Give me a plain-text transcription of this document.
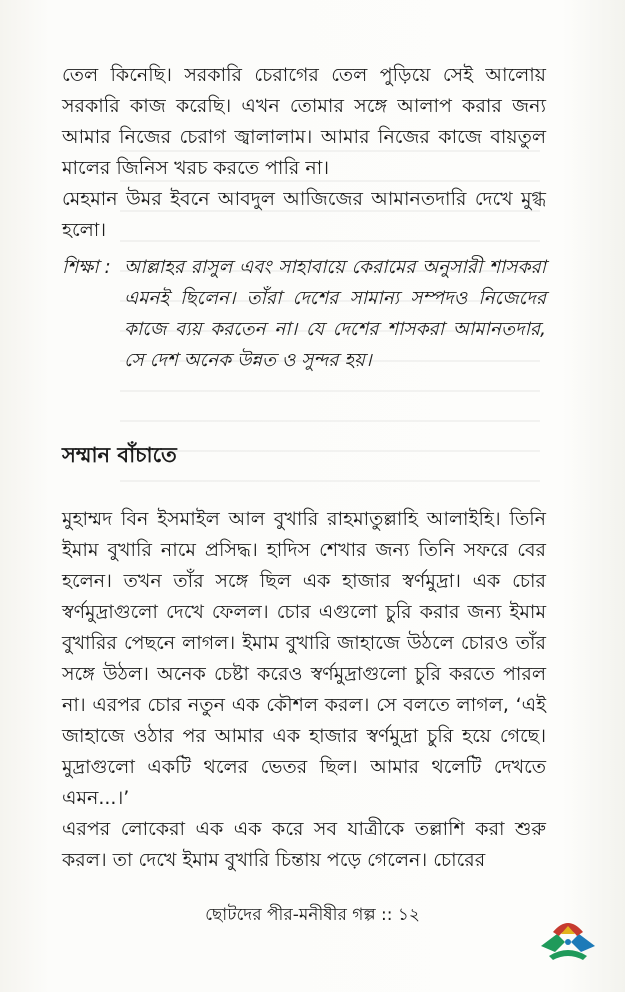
তেল কিনেছি। সরকারি চেরাগের তেল পুড়িয়ে সেই আলোয় সরকারি কাজ করেছি। এখন তোমার সঙ্গে আলাপ করার জন্য আমার নিজের চেরাগ জ্বালালাম। আমার নিজের কাজে বায়তুল মালের জিনিস খরচ করতে পারি না।

মেহমান উমর ইবনে আবদুল আজিজের আমানতদারি দেখে মুগ্ধ হলো।

শিক্ষা : আল্লাহর রাসুল এবং সাহাবায়ে কেরামের অনুসারী শাসকরা এমনই ছিলেন। তাঁরা দেশের সামান্য সম্পদও নিজেদের কাজে ব্যয় করতেন না। যে দেশের শাসকরা আমানতদার, সে দেশ অনেক উন্নত ও সুন্দর হয়।

সম্মান বাঁচাতে

মুহাম্মদ বিন ইসমাইল আল বুখারি রাহমাতুল্লাহি আলাইহি। তিনি ইমাম বুখারি নামে প্রসিদ্ধ। হাদিস শেখার জন্য তিনি সফরে বের হলেন। তখন তাঁর সঙ্গে ছিল এক হাজার স্বর্ণমুদ্রা। এক চোর স্বর্ণমুদ্রাগুলো দেখে ফেলল। চোর এগুলো চুরি করার জন্য ইমাম বুখারির পেছনে লাগল। ইমাম বুখারি জাহাজে উঠলে চোরও তাঁর সঙ্গে উঠল। অনেক চেষ্টা করেও স্বর্ণমুদ্রাগুলো চুরি করতে পারল না। এরপর চোর নতুন এক কৌশল করল। সে বলতে লাগল, ‘এই জাহাজে ওঠার পর আমার এক হাজার স্বর্ণমুদ্রা চুরি হয়ে গেছে। মুদ্রাগুলো একটি থলের ভেতর ছিল। আমার থলেটি দেখতে এমন...।’

এরপর লোকেরা এক এক করে সব যাত্রীকে তল্লাশি করা শুরু করল। তা দেখে ইমাম বুখারি চিন্তায় পড়ে গেলেন। চোরের

ছোটদের পীর-মনীষীর গল্প :: ১২
